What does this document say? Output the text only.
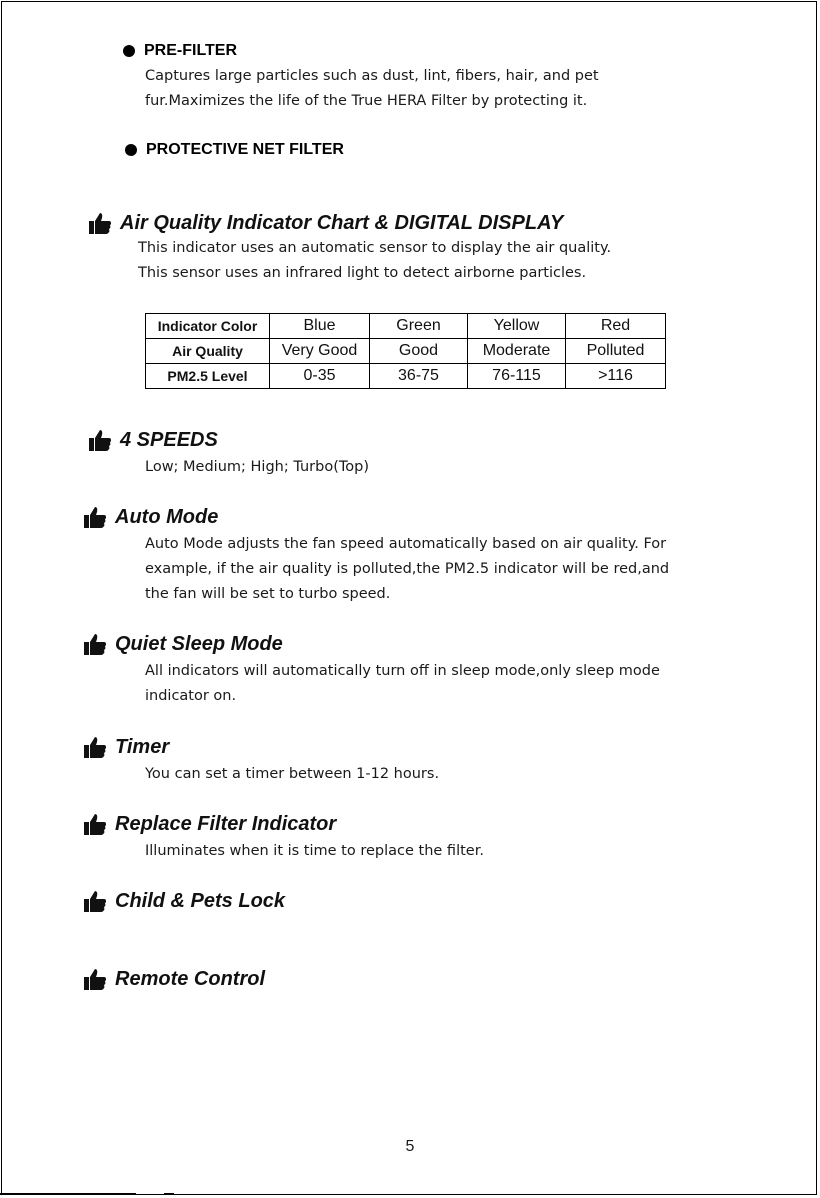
PRE-FILTER

Captures large particles such as dust, lint, fibers, hair, and pet
fur.Maximizes the life of the True HERA Filter by protecting it.

PROTECTIVE NET FILTER
Air Quality Indicator Chart & DIGITAL DISPLAY

This indicator uses an automatic sensor to display the air quality.
This sensor uses an infrared light to detect airborne particles.

Indicator Color	Blue	Green	Yellow	Red
Air Quality	Very Good	Good	Moderate	Polluted
PM2.5 Level	0-35	36-75	76-115	>116
4 SPEEDS

Low; Medium; High; Turbo(Top)

Auto Mode

Auto Mode adjusts the fan speed automatically based on air quality. For
example, if the air quality is polluted,the PM2.5 indicator will be red,and
the fan will be set to turbo speed.

Quiet Sleep Mode

All indicators will automatically turn off in sleep mode,only sleep mode
indicator on.

Timer

You can set a timer between 1-12 hours.

Replace Filter Indicator

Illuminates when it is time to replace the filter.

Child & Pets Lock
Remote Control
5
